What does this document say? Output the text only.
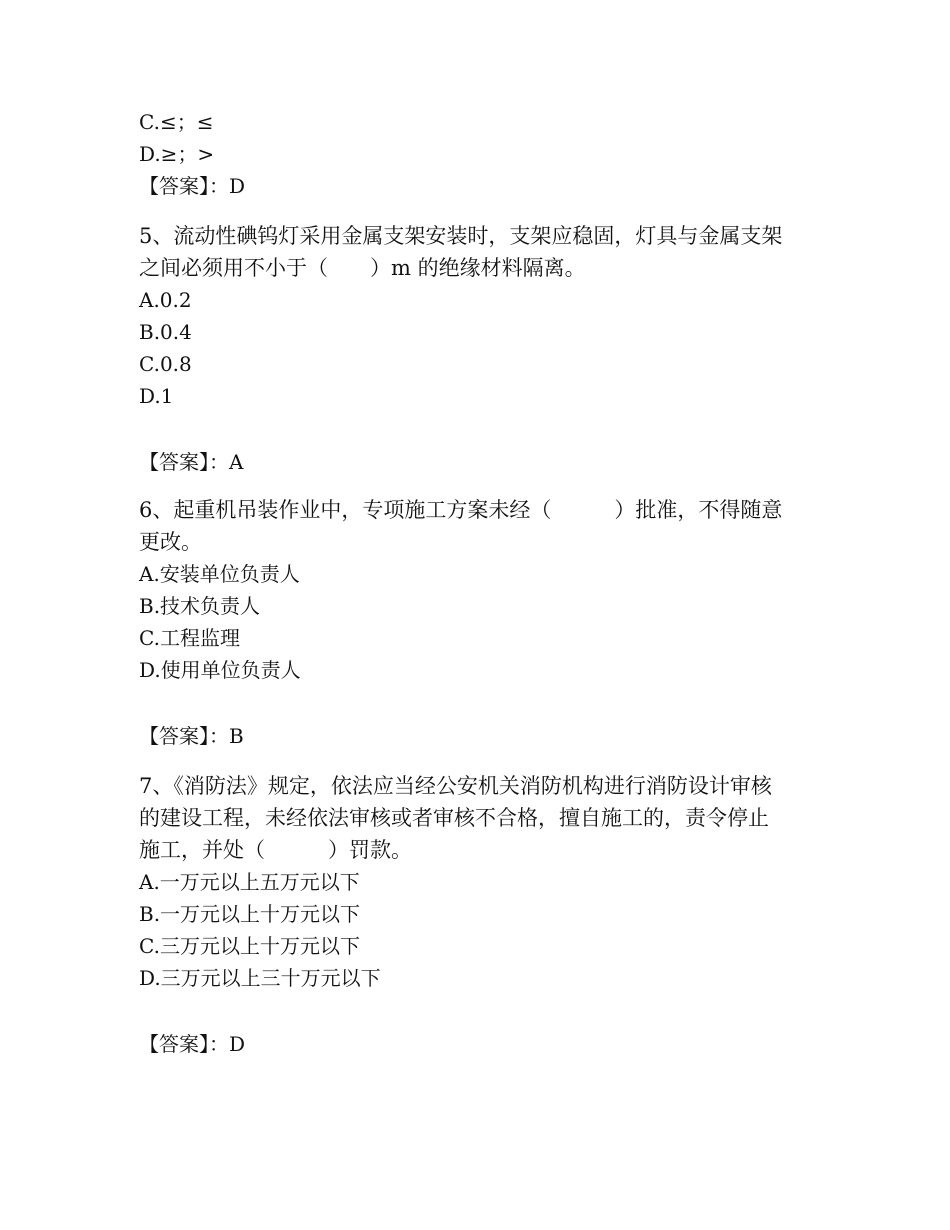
C.≤；≤
D.≥；>
【答案】：D
5、流动性碘钨灯采用金属支架安装时，支架应稳固，灯具与金属支架
之间必须用不小于（　　）m 的绝缘材料隔离。
A.0.2
B.0.4
C.0.8
D.1
【答案】：A
6、起重机吊装作业中，专项施工方案未经（　　　）批准，不得随意
更改。
A.安装单位负责人
B.技术负责人
C.工程监理
D.使用单位负责人
【答案】：B
7、《消防法》规定，依法应当经公安机关消防机构进行消防设计审核
的建设工程，未经依法审核或者审核不合格，擅自施工的，责令停止
施工，并处（　　　）罚款。
A.一万元以上五万元以下
B.一万元以上十万元以下
C.三万元以上十万元以下
D.三万元以上三十万元以下
【答案】：D
